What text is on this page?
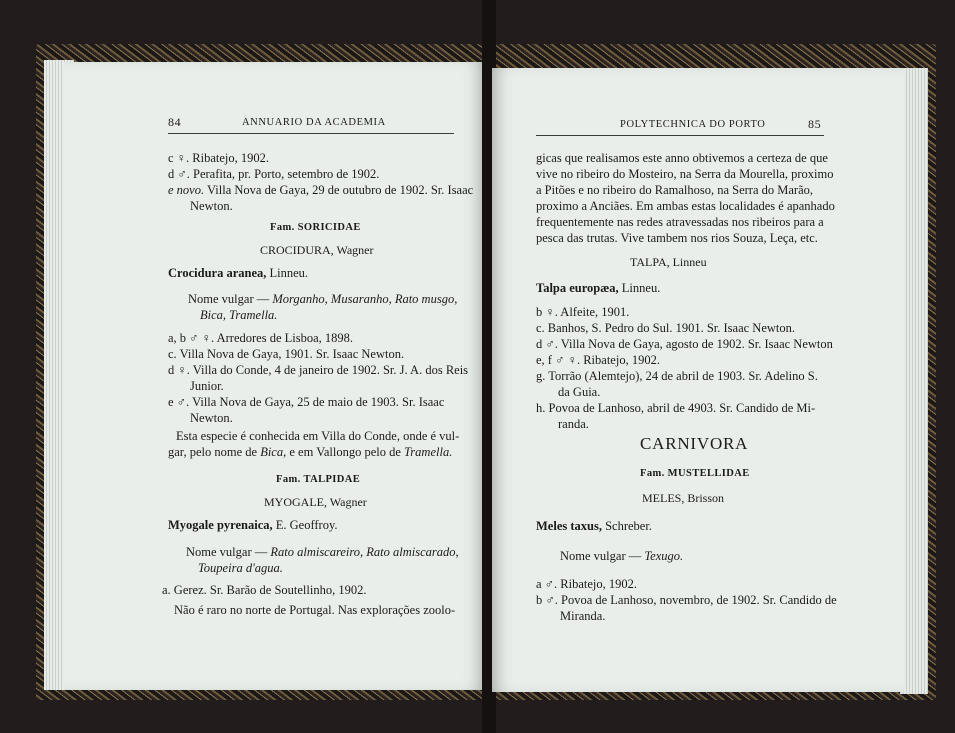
84	ANNUARIO DA ACADEMIA
c ♀. Ribatejo, 1902.
d ♂. Perafita, pr. Porto, setembro de 1902.
e novo. Villa Nova de Gaya, 29 de outubro de 1902. Sr. Isaac
Newton.
Fam. SORICIDAE
CROCIDURA, Wagner
Crocidura aranea, Linneu.
Nome vulgar — Morganho, Musaranho, Rato musgo,
Bica, Tramella.
a, b ♂ ♀. Arredores de Lisboa, 1898.
c. Villa Nova de Gaya, 1901. Sr. Isaac Newton.
d ♀. Villa do Conde, 4 de janeiro de 1902. Sr. J. A. dos Reis
Junior.
e ♂. Villa Nova de Gaya, 25 de maio de 1903. Sr. Isaac
Newton.
Esta especie é conhecida em Villa do Conde, onde é vul-
gar, pelo nome de Bica, e em Vallongo pelo de Tramella.
Fam. TALPIDAE
MYOGALE, Wagner
Myogale pyrenaica, E. Geoffroy.
Nome vulgar — Rato almiscareiro, Rato almiscarado,
Toupeira d'agua.
a. Gerez. Sr. Barão de Soutellinho, 1902.
Não é raro no norte de Portugal. Nas explorações zoolo-
POLYTECHNICA DO PORTO	85
gicas que realisamos este anno obtivemos a certeza de que
vive no ribeiro do Mosteiro, na Serra da Mourella, proximo
a Pitões e no ribeiro do Ramalhoso, na Serra do Marão,
proximo a Anciães. Em ambas estas localidades é apanhado
frequentemente nas redes atravessadas nos ribeiros para a
pesca das trutas. Vive tambem nos rios Souza, Leça, etc.
TALPA, Linneu
Talpa europæa, Linneu.
b ♀. Alfeite, 1901.
c. Banhos, S. Pedro do Sul. 1901. Sr. Isaac Newton.
d ♂. Villa Nova de Gaya, agosto de 1902. Sr. Isaac Newton
e, f ♂ ♀. Ribatejo, 1902.
g. Torrão (Alemtejo), 24 de abril de 1903. Sr. Adelino S.
da Guia.
h. Povoa de Lanhoso, abril de 4903. Sr. Candido de Mi-
randa.
CARNIVORA
Fam. MUSTELLIDAE
MELES, Brisson
Meles taxus, Schreber.
Nome vulgar — Texugo.
a ♂. Ribatejo, 1902.
b ♂. Povoa de Lanhoso, novembro, de 1902. Sr. Candido de
Miranda.
